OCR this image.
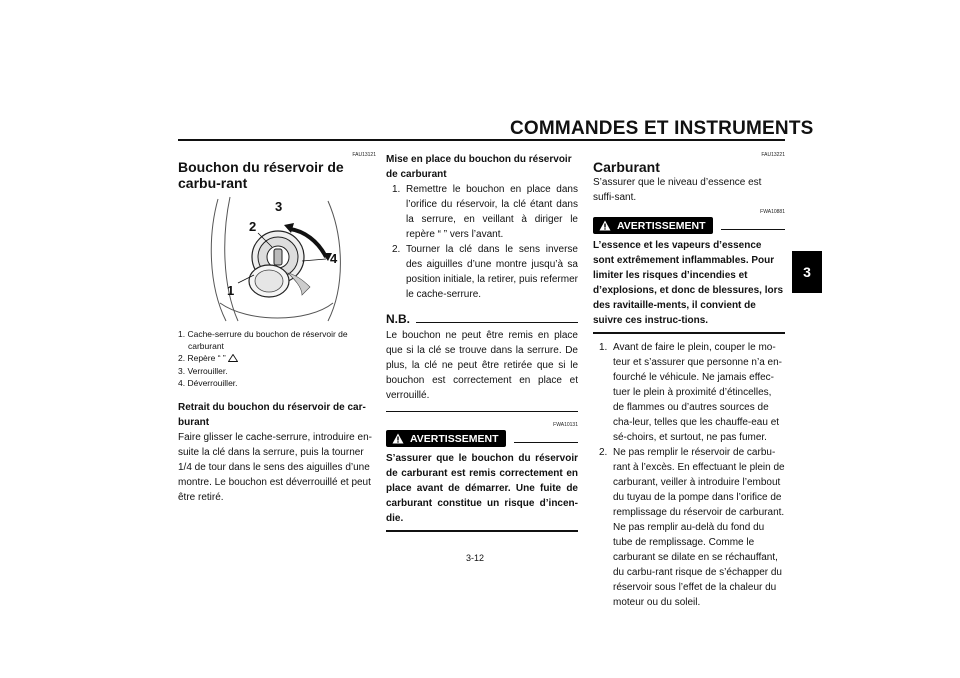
COMMANDES ET INSTRUMENTS
3
FAU13121
Bouchon du réservoir de carbu-rant
1
2
3
4
1. Cache-serrure du bouchon de réservoir de carburant
2. Repère “ ”
3. Verrouiller.
4. Déverrouiller.
Retrait du bouchon du réservoir de car-burant
Faire glisser le cache-serrure, introduire en-suite la clé dans la serrure, puis la tourner 1/4 de tour dans le sens des aiguilles d’une montre. Le bouchon est déverrouillé et peut être retiré.
Mise en place du bouchon du réservoir de carburant
1. Remettre le bouchon en place dans l’orifice du réservoir, la clé étant dans la serrure, en veillant à diriger le repère “ ” vers l’avant.
2. Tourner la clé dans le sens inverse des aiguilles d’une montre jusqu’à sa position initiale, la retirer, puis refermer le cache-serrure.
N.B.
Le bouchon ne peut être remis en place que si la clé se trouve dans la serrure. De plus, la clé ne peut être retirée que si le bouchon est correctement en place et verrouillé.
FWA10131
AVERTISSEMENT
S’assurer que le bouchon du réservoir de carburant est remis correctement en place avant de démarrer. Une fuite de carburant constitue un risque d’incen-die.
FAU13221
Carburant
S’assurer que le niveau d’essence est suffi-sant.
FWA10881
AVERTISSEMENT
L’essence et les vapeurs d’essence sont extrêmement inflammables. Pour limiter les risques d’incendies et d’explosions, et donc de blessures, lors des ravitaille-ments, il convient de suivre ces instruc-tions.
1. Avant de faire le plein, couper le mo-teur et s’assurer que personne n’a en-fourché le véhicule. Ne jamais effec-tuer le plein à proximité d’étincelles, de flammes ou d’autres sources de cha-leur, telles que les chauffe-eau et sé-choirs, et surtout, ne pas fumer.
2. Ne pas remplir le réservoir de carbu-rant à l’excès. En effectuant le plein de carburant, veiller à introduire l’embout du tuyau de la pompe dans l’orifice de remplissage du réservoir de carburant. Ne pas remplir au-delà du fond du tube de remplissage. Comme le carburant se dilate en se réchauffant, du carbu-rant risque de s’échapper du réservoir sous l’effet de la chaleur du moteur ou du soleil.
3-12
